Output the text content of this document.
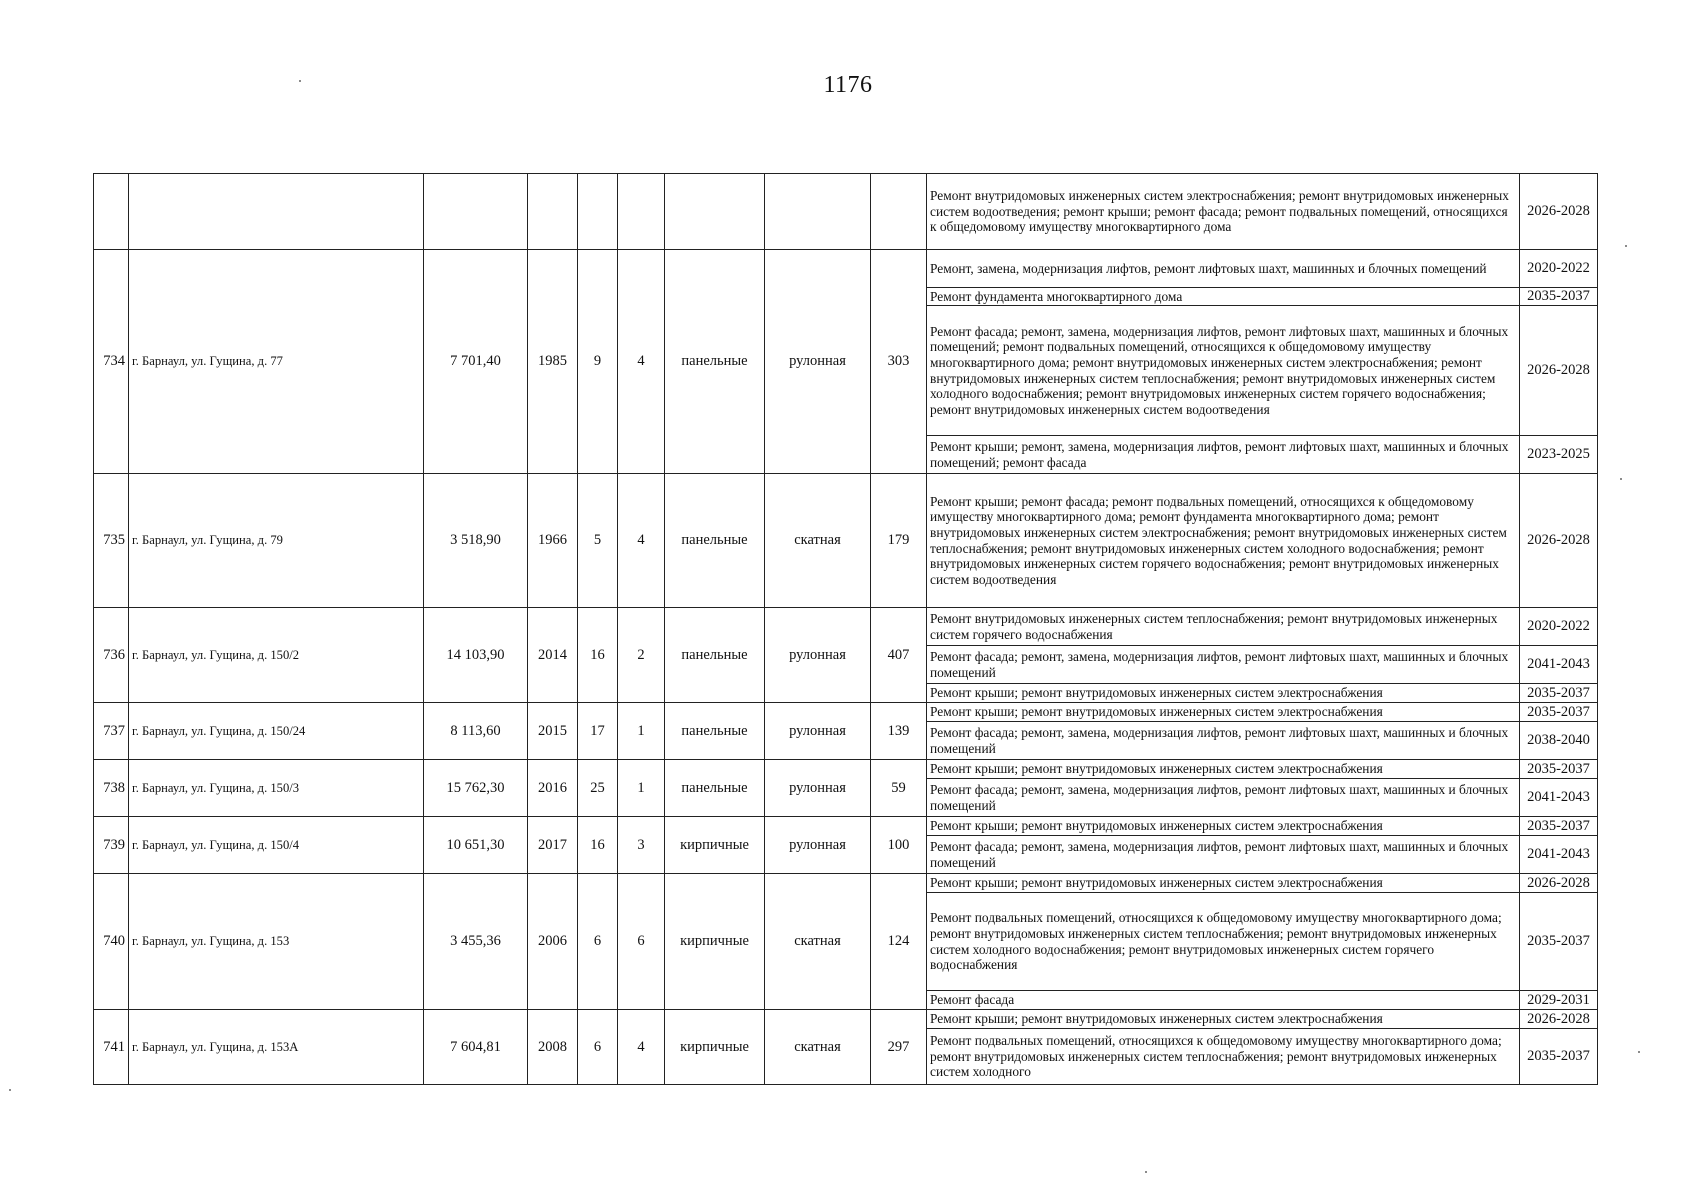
1176
									Ремонт внутридомовых инженерных систем электроснабжения; ремонт внутридомовых инженерных систем водоотведения; ремонт крыши; ремонт фасада; ремонт подвальных помещений, относящихся к общедомовому имуществу многоквартирного дома	2026-2028
734	г. Барнаул, ул. Гущина, д. 77	7 701,40	1985	9	4	панельные	рулонная	303	Ремонт, замена, модернизация лифтов, ремонт лифтовых шахт, машинных и блочных помещений	2020-2022
									Ремонт фундамента многоквартирного дома	2035-2037
									Ремонт фасада; ремонт, замена, модернизация лифтов, ремонт лифтовых шахт, машинных и блочных помещений; ремонт подвальных помещений, относящихся к общедомовому имуществу многоквартирного дома; ремонт внутридомовых инженерных систем электроснабжения; ремонт внутридомовых инженерных систем теплоснабжения; ремонт внутридомовых инженерных систем холодного водоснабжения; ремонт внутридомовых инженерных систем горячего водоснабжения; ремонт внутридомовых инженерных систем водоотведения	2026-2028
									Ремонт крыши; ремонт, замена, модернизация лифтов, ремонт лифтовых шахт, машинных и блочных помещений; ремонт фасада	2023-2025
735	г. Барнаул, ул. Гущина, д. 79	3 518,90	1966	5	4	панельные	скатная	179	Ремонт крыши; ремонт фасада; ремонт подвальных помещений, относящихся к общедомовому имуществу многоквартирного дома; ремонт фундамента многоквартирного дома; ремонт внутридомовых инженерных систем электроснабжения; ремонт внутридомовых инженерных систем теплоснабжения; ремонт внутридомовых инженерных систем холодного водоснабжения; ремонт внутридомовых инженерных систем горячего водоснабжения; ремонт внутридомовых инженерных систем водоотведения	2026-2028
736	г. Барнаул, ул. Гущина, д. 150/2	14 103,90	2014	16	2	панельные	рулонная	407	Ремонт внутридомовых инженерных систем теплоснабжения; ремонт внутридомовых инженерных систем горячего водоснабжения	2020-2022
									Ремонт фасада; ремонт, замена, модернизация лифтов, ремонт лифтовых шахт, машинных и блочных помещений	2041-2043
									Ремонт крыши; ремонт внутридомовых инженерных систем электроснабжения	2035-2037
737	г. Барнаул, ул. Гущина, д. 150/24	8 113,60	2015	17	1	панельные	рулонная	139	Ремонт крыши; ремонт внутридомовых инженерных систем электроснабжения	2035-2037
									Ремонт фасада; ремонт, замена, модернизация лифтов, ремонт лифтовых шахт, машинных и блочных помещений	2038-2040
738	г. Барнаул, ул. Гущина, д. 150/3	15 762,30	2016	25	1	панельные	рулонная	59	Ремонт крыши; ремонт внутридомовых инженерных систем электроснабжения	2035-2037
									Ремонт фасада; ремонт, замена, модернизация лифтов, ремонт лифтовых шахт, машинных и блочных помещений	2041-2043
739	г. Барнаул, ул. Гущина, д. 150/4	10 651,30	2017	16	3	кирпичные	рулонная	100	Ремонт крыши; ремонт внутридомовых инженерных систем электроснабжения	2035-2037
									Ремонт фасада; ремонт, замена, модернизация лифтов, ремонт лифтовых шахт, машинных и блочных помещений	2041-2043
740	г. Барнаул, ул. Гущина, д. 153	3 455,36	2006	6	6	кирпичные	скатная	124	Ремонт крыши; ремонт внутридомовых инженерных систем электроснабжения	2026-2028
									Ремонт подвальных помещений, относящихся к общедомовому имуществу многоквартирного дома; ремонт внутридомовых инженерных систем теплоснабжения; ремонт внутридомовых инженерных систем холодного водоснабжения; ремонт внутридомовых инженерных систем горячего водоснабжения	2035-2037
									Ремонт фасада	2029-2031
741	г. Барнаул, ул. Гущина, д. 153А	7 604,81	2008	6	4	кирпичные	скатная	297	Ремонт крыши; ремонт внутридомовых инженерных систем электроснабжения	2026-2028
									Ремонт подвальных помещений, относящихся к общедомовому имуществу многоквартирного дома; ремонт внутридомовых инженерных систем теплоснабжения; ремонт внутридомовых инженерных систем холодного	2035-2037
